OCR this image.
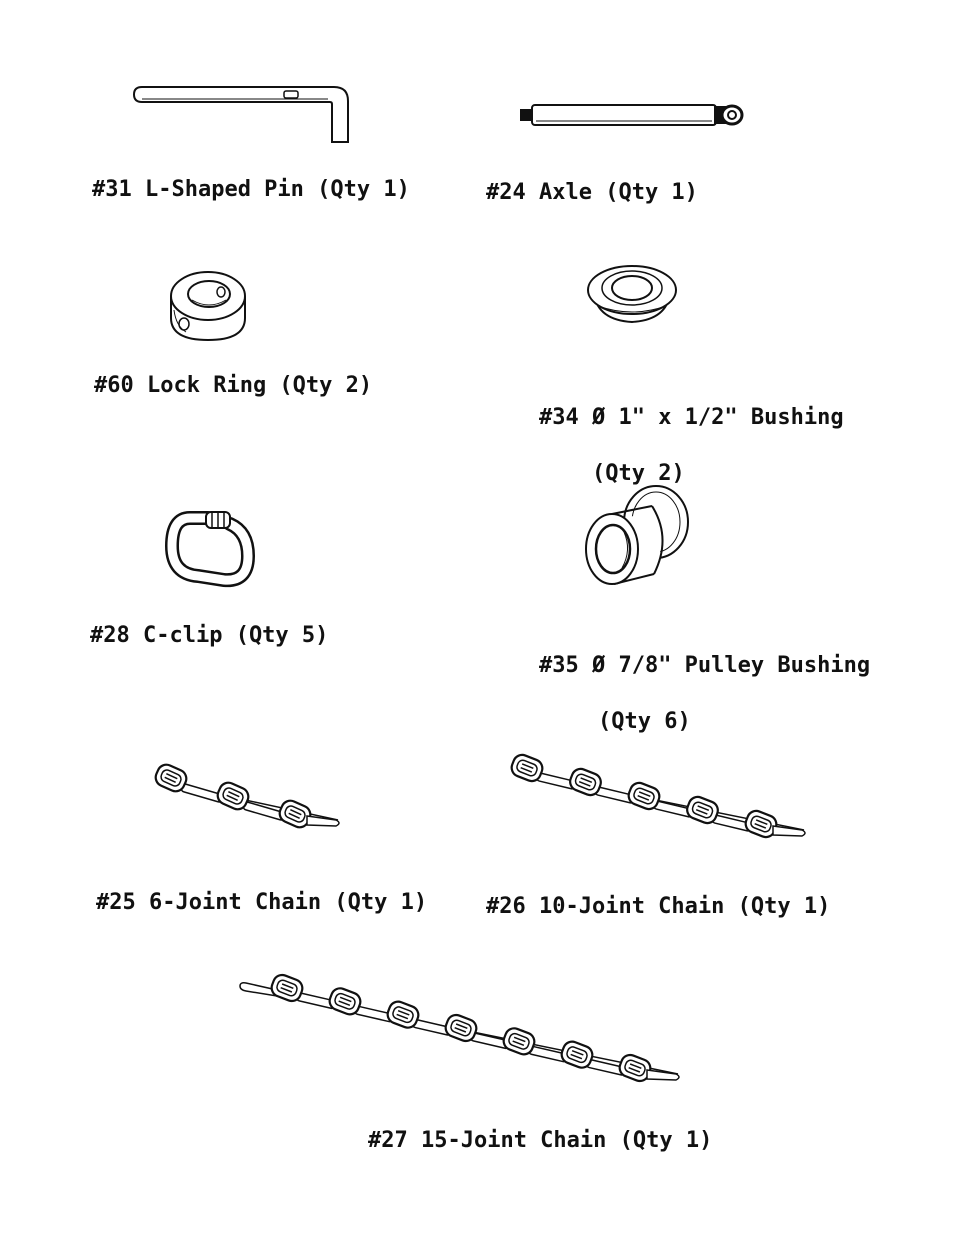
#31 L-Shaped Pin (Qty 1)	#24 Axle (Qty 1)
#60 Lock Ring (Qty 2)

#34 Ø 1" x 1/2" Bushing

(Qty 2)

#28 C-clip (Qty 5)

#35 Ø 7/8" Pulley Bushing

(Qty 6)

#25 6-Joint Chain (Qty 1)	#26 10-Joint Chain (Qty 1)
#27 15-Joint Chain (Qty 1)
